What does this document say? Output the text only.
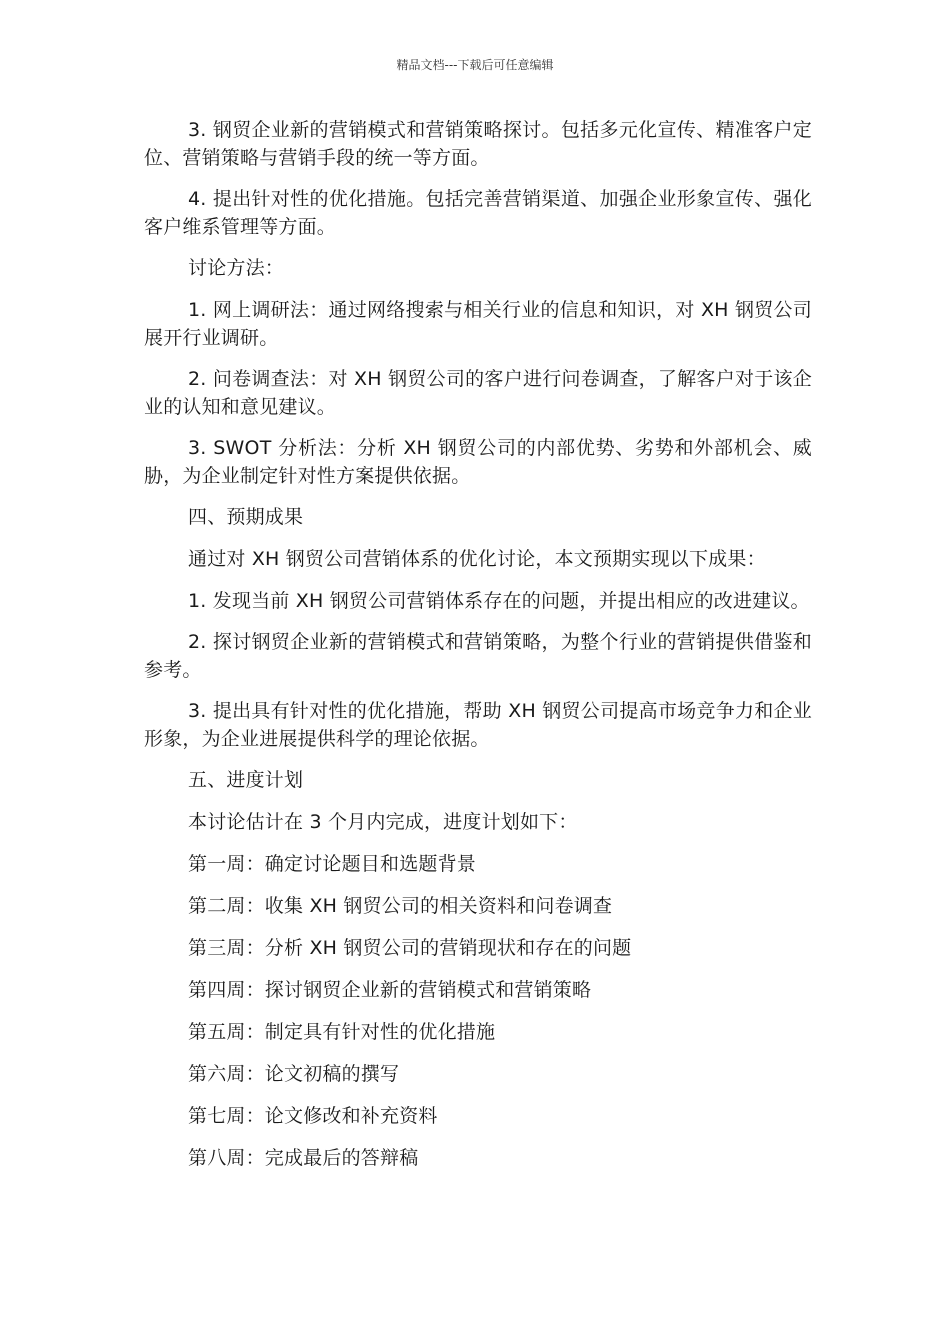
精品文档---下载后可任意编辑

3. 钢贸企业新的营销模式和营销策略探讨。包括多元化宣传、精准客户定位、营销策略与营销手段的统一等方面。

4. 提出针对性的优化措施。包括完善营销渠道、加强企业形象宣传、强化客户维系管理等方面。

讨论方法：

1. 网上调研法：通过网络搜索与相关行业的信息和知识，对 XH 钢贸公司展开行业调研。

2. 问卷调查法：对 XH 钢贸公司的客户进行问卷调查，了解客户对于该企业的认知和意见建议。

3. SWOT 分析法：分析 XH 钢贸公司的内部优势、劣势和外部机会、威胁，为企业制定针对性方案提供依据。

四、预期成果

通过对 XH 钢贸公司营销体系的优化讨论，本文预期实现以下成果：

1. 发现当前 XH 钢贸公司营销体系存在的问题，并提出相应的改进建议。

2. 探讨钢贸企业新的营销模式和营销策略，为整个行业的营销提供借鉴和参考。

3. 提出具有针对性的优化措施，帮助 XH 钢贸公司提高市场竞争力和企业形象，为企业进展提供科学的理论依据。

五、进度计划

本讨论估计在 3 个月内完成，进度计划如下：

第一周：确定讨论题目和选题背景

第二周：收集 XH 钢贸公司的相关资料和问卷调查

第三周：分析 XH 钢贸公司的营销现状和存在的问题

第四周：探讨钢贸企业新的营销模式和营销策略

第五周：制定具有针对性的优化措施

第六周：论文初稿的撰写

第七周：论文修改和补充资料

第八周：完成最后的答辩稿
